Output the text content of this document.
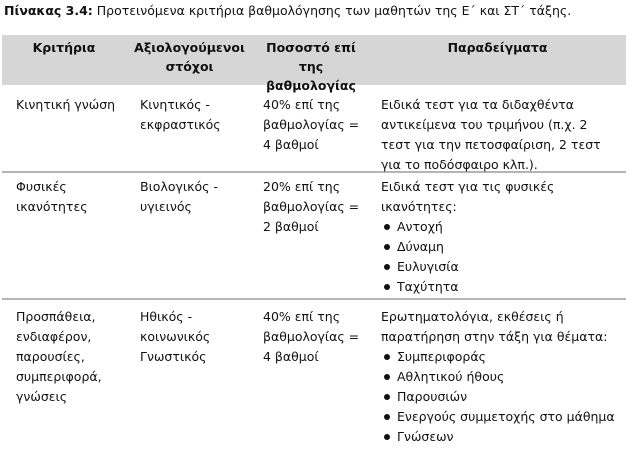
Πίνακας 3.4: Προτεινόμενα κριτήρια βαθμολόγησης των μαθητών της Ε΄ και ΣΤ΄ τάξης.
Κριτήρια	Αξιολογούμενοι στόχοι
Ποσοστό επί της βαθμολογίας
Παραδείγματα
Κινητική γνώση	Κινητικός - εκφραστικός
40% επί της βαθμολογίας = 4 βαθμοί
Ειδικά τεστ για τα διδαχθέντα αντικείμενα του τριμήνου (π.χ. 2 τεστ για την πετοσφαίριση, 2 τεστ για το ποδόσφαιρο κλπ.).
Φυσικές ικανότητες
Βιολογικός - υγιεινός
20% επί της βαθμολογίας = 2 βαθμοί
Ειδικά τεστ για τις φυσικές ικανότητες:
Αντοχή
Δύναμη
Ευλυγισία
Ταχύτητα
Προσπάθεια, ενδιαφέρον, παρουσίες, συμπεριφορά, γνώσεις
Ηθικός - κοινωνικός Γνωστικός
40% επί της βαθμολογίας = 4 βαθμοί
Ερωτηματολόγια, εκθέσεις ή παρατήρηση στην τάξη για θέματα:
Συμπεριφοράς
Αθλητικού ήθους
Παρουσιών
Ενεργούς συμμετοχής στο μάθημα
Γνώσεων
